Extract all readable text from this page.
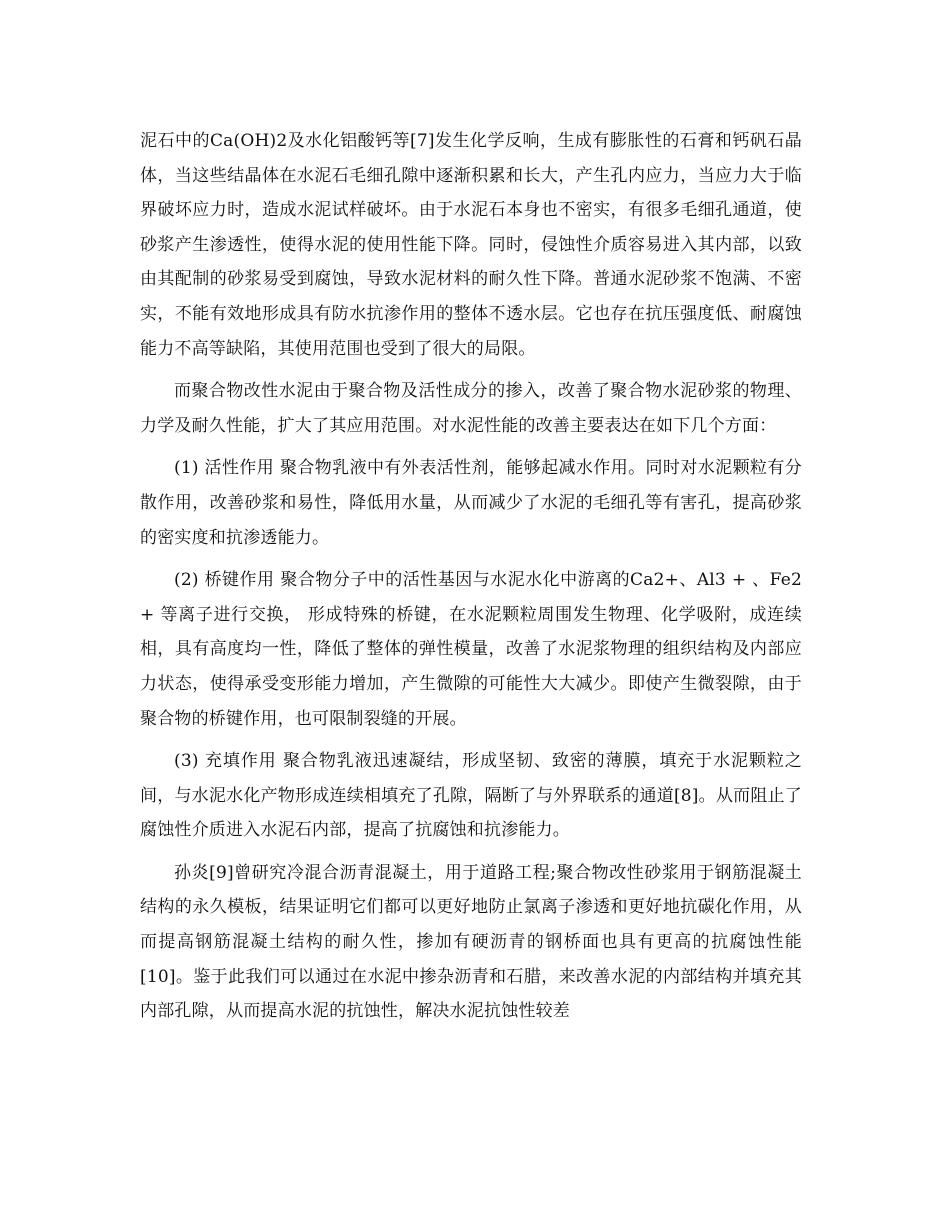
泥石中的Ca(OH)2及水化铝酸钙等[7]发生化学反响，生成有膨胀性的石膏和钙矾石晶体，当这些结晶体在水泥石毛细孔隙中逐渐积累和长大，产生孔内应力，当应力大于临界破坏应力时，造成水泥试样破坏。由于水泥石本身也不密实，有很多毛细孔通道，使砂浆产生渗透性，使得水泥的使用性能下降。同时，侵蚀性介质容易进入其内部，以致由其配制的砂浆易受到腐蚀，导致水泥材料的耐久性下降。普通水泥砂浆不饱满、不密实，不能有效地形成具有防水抗渗作用的整体不透水层。它也存在抗压强度低、耐腐蚀能力不高等缺陷，其使用范围也受到了很大的局限。

而聚合物改性水泥由于聚合物及活性成分的掺入，改善了聚合物水泥砂浆的物理、力学及耐久性能，扩大了其应用范围。对水泥性能的改善主要表达在如下几个方面：

(1) 活性作用 聚合物乳液中有外表活性剂，能够起减水作用。同时对水泥颗粒有分散作用，改善砂浆和易性，降低用水量，从而减少了水泥的毛细孔等有害孔，提高砂浆的密实度和抗渗透能力。

(2) 桥键作用 聚合物分子中的活性基因与水泥水化中游离的Ca2+、Al3 + 、Fe2 + 等离子进行交换， 形成特殊的桥键，在水泥颗粒周围发生物理、化学吸附，成连续相，具有高度均一性，降低了整体的弹性模量，改善了水泥浆物理的组织结构及内部应力状态，使得承受变形能力增加，产生微隙的可能性大大减少。即使产生微裂隙，由于聚合物的桥键作用，也可限制裂缝的开展。

(3) 充填作用 聚合物乳液迅速凝结，形成坚韧、致密的薄膜，填充于水泥颗粒之间，与水泥水化产物形成连续相填充了孔隙，隔断了与外界联系的通道[8]。从而阻止了腐蚀性介质进入水泥石内部，提高了抗腐蚀和抗渗能力。

孙炎[9]曾研究冷混合沥青混凝土，用于道路工程;聚合物改性砂浆用于钢筋混凝土结构的永久模板，结果证明它们都可以更好地防止氯离子渗透和更好地抗碳化作用，从而提高钢筋混凝土结构的耐久性，掺加有硬沥青的钢桥面也具有更高的抗腐蚀性能[10]。鉴于此我们可以通过在水泥中掺杂沥青和石腊，来改善水泥的内部结构并填充其内部孔隙，从而提高水泥的抗蚀性，解决水泥抗蚀性较差
